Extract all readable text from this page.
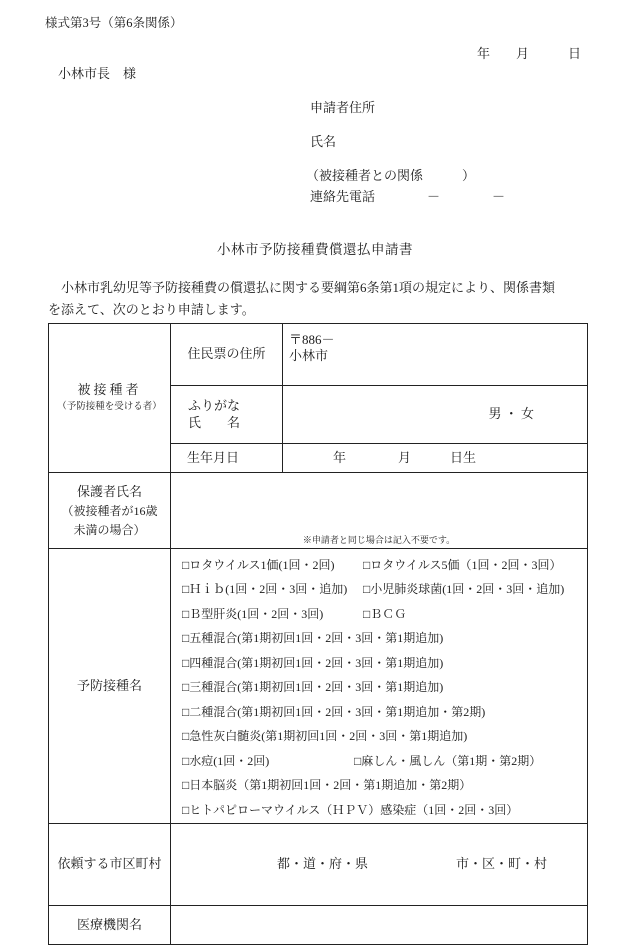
様式第3号（第6条関係）
年　　月　　　日
小林市長　様
申請者住所
氏名
（被接種者との関係　　　）
連絡先電話　　　　－　　　　－
小林市予防接種費償還払申請書
　小林市乳幼児等予防接種費の償還払に関する要綱第6条第1項の規定により、関係書類
を添えて、次のとおり申請します。
被接種者
（予防接種を受ける者）
	住民票の住所	
〒886－
小林市

	ふりがな
氏　　名	男 ・ 女
	生年月日	年　　　　月　　　日生

保護者氏名
（被接種者が16歳
未満の場合）	※申請者と同じ場合は記入不要です。	

予防接種名	
□ ロタウイルス1価(1回・2回) □ ロタウイルス5価（1回・2回・3回）
□ Ｈｉｂ(1回・2回・3回・追加) □ 小児肺炎球菌(1回・2回・3回・追加)
□ Ｂ型肝炎(1回・2回・3回)	□ ＢＣＧ
□ 五種混合(第1期初回1回・2回・3回・第1期追加)
□ 四種混合(第1期初回1回・2回・3回・第1期追加)
□ 三種混合(第1期初回1回・2回・3回・第1期追加)
□ 二種混合(第1期初回1回・2回・3回・第1期追加・第2期)
□ 急性灰白髄炎(第1期初回1回・2回・3回・第1期追加)
□ 水痘(1回・2回)	□ 麻しん・風しん（第1期・第2期）
□ 日本脳炎（第1期初回1回・2回・第1期追加・第2期）
□ ヒトパピローマウイルス（ＨＰＶ）感染症（1回・2回・3回）

依頼する市区町村	都・道・府・県 市・区・町・村	

医療機関名		
